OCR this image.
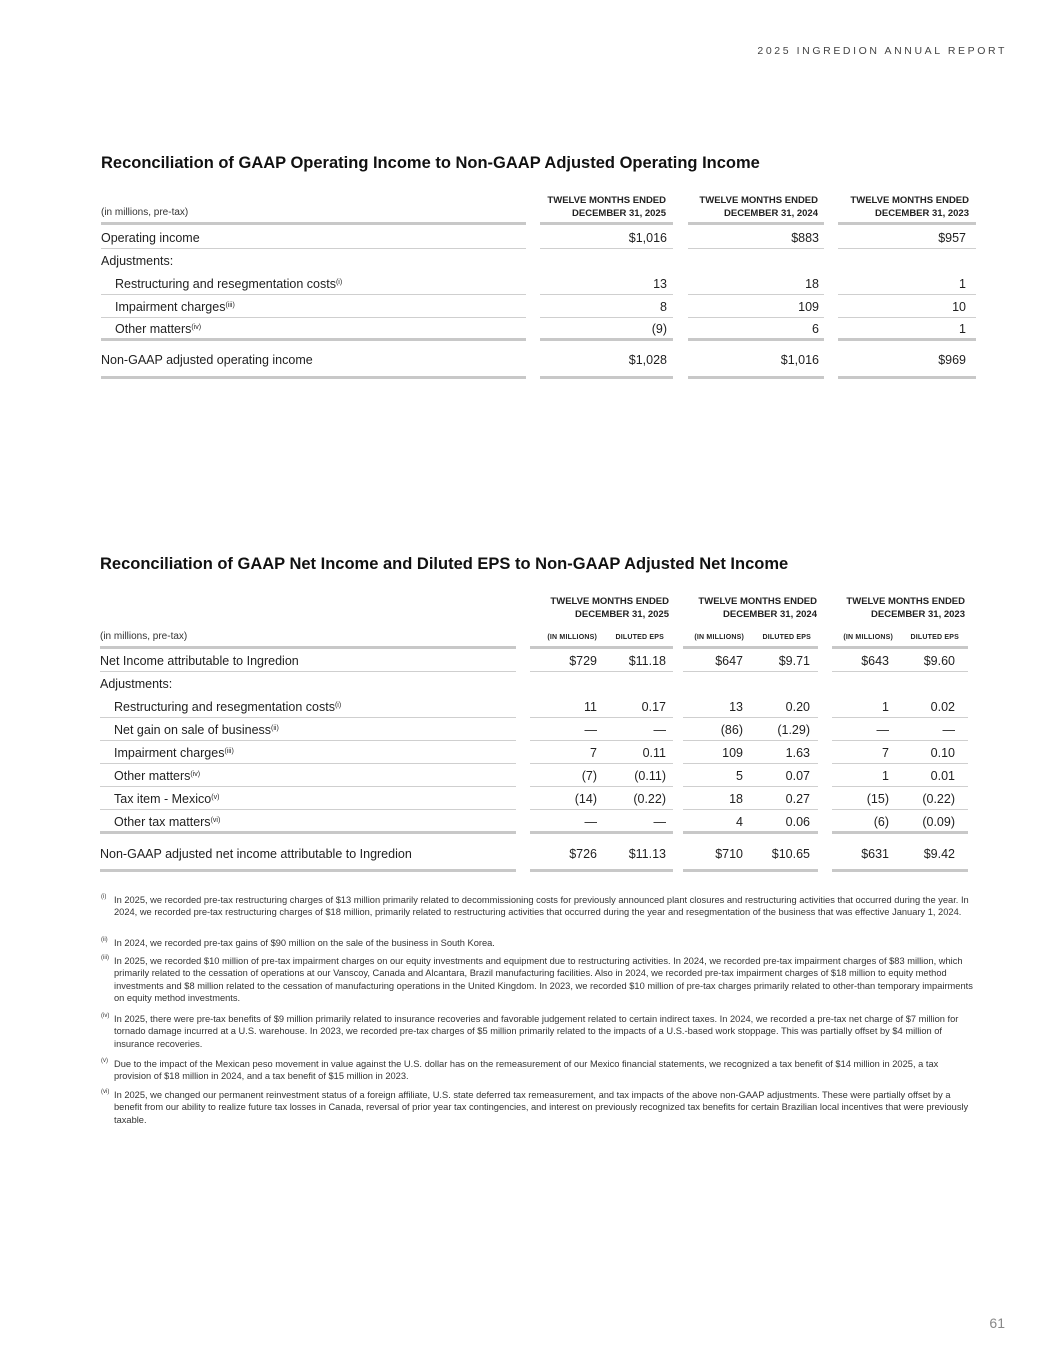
2025 INGREDION ANNUAL REPORT
Reconciliation of GAAP Operating Income to Non-GAAP Adjusted Operating Income
(in millions, pre-tax)
TWELVE MONTHS ENDED
DECEMBER 31, 2025
TWELVE MONTHS ENDED
DECEMBER 31, 2024
TWELVE MONTHS ENDED
DECEMBER 31, 2023
Operating income	$1,016	$883	$957
Adjustments:
Restructuring and resegmentation costs$^{(i)}$	13	18	1
Impairment charges$^{(iii)}$	8	109	10
Other matters$^{(iv)}$	(9)	6	1
Non-GAAP adjusted operating income	$1,028	$1,016	$969
Reconciliation of GAAP Net Income and Diluted EPS to Non-GAAP Adjusted Net Income
TWELVE MONTHS ENDED
DECEMBER 31, 2025
TWELVE MONTHS ENDED
DECEMBER 31, 2024
TWELVE MONTHS ENDED
DECEMBER 31, 2023
(in millions, pre-tax)	(IN MILLIONS)	DILUTED EPS	(IN MILLIONS)	DILUTED EPS	(IN MILLIONS)	DILUTED EPS
Net Income attributable to Ingredion	$729	$11.18	$647	$9.71	$643	$9.60
Adjustments:
Restructuring and resegmentation costs$^{(i)}$	11	0.17	13	0.20	1	0.02
Net gain on sale of business$^{(ii)}$	—	—	(86)	(1.29)	—	—
Impairment charges$^{(iii)}$	7	0.11	109	1.63	7	0.10
Other matters$^{(iv)}$	(7)	(0.11)	5	0.07	1	0.01
Tax item - Mexico$^{(v)}$	(14)	(0.22)	18	0.27	(15)	(0.22)
Other tax matters$^{(vi)}$	—	—	4	0.06	(6)	(0.09)
Non-GAAP adjusted net income attributable to Ingredion	$726	$11.13	$710 $10.65	$631	$9.42
(i) In 2025, we recorded pre-tax restructuring charges of $13 million primarily related to decommissioning costs for previously announced plant closures and restructuring activities that occurred during the year. In 2024, we recorded pre-tax restructuring charges of $18 million, primarily related to restructuring activities that occurred during the year and resegmentation of the business that was effective January 1, 2024.
(ii) In 2024, we recorded pre-tax gains of $90 million on the sale of the business in South Korea.
(iii) In 2025, we recorded $10 million of pre-tax impairment charges on our equity investments and equipment due to restructuring activities. In 2024, we recorded pre-tax impairment charges of $83 million, which primarily related to the cessation of operations at our Vanscoy, Canada and Alcantara, Brazil manufacturing facilities. Also in 2024, we recorded pre-tax impairment charges of $18 million to equity method investments and $8 million related to the cessation of manufacturing operations in the United Kingdom. In 2023, we recorded $10 million of pre-tax charges primarily related to other-than temporary impairments on equity method investments.
(iv) In 2025, there were pre-tax benefits of $9 million primarily related to insurance recoveries and favorable judgement related to certain indirect taxes. In 2024, we recorded a pre-tax net charge of $7 million for tornado damage incurred at a U.S. warehouse. In 2023, we recorded pre-tax charges of $5 million primarily related to the impacts of a U.S.-based work stoppage. This was partially offset by $4 million of insurance recoveries.
(v) Due to the impact of the Mexican peso movement in value against the U.S. dollar has on the remeasurement of our Mexico financial statements, we recognized a tax benefit of $14 million in 2025, a tax provision of $18 million in 2024, and a tax benefit of $15 million in 2023.
(vi) In 2025, we changed our permanent reinvestment status of a foreign affiliate, U.S. state deferred tax remeasurement, and tax impacts of the above non-GAAP adjustments. These were partially offset by a benefit from our ability to realize future tax losses in Canada, reversal of prior year tax contingencies, and interest on previously recognized tax benefits for certain Brazilian local incentives that were previously taxable.
61
